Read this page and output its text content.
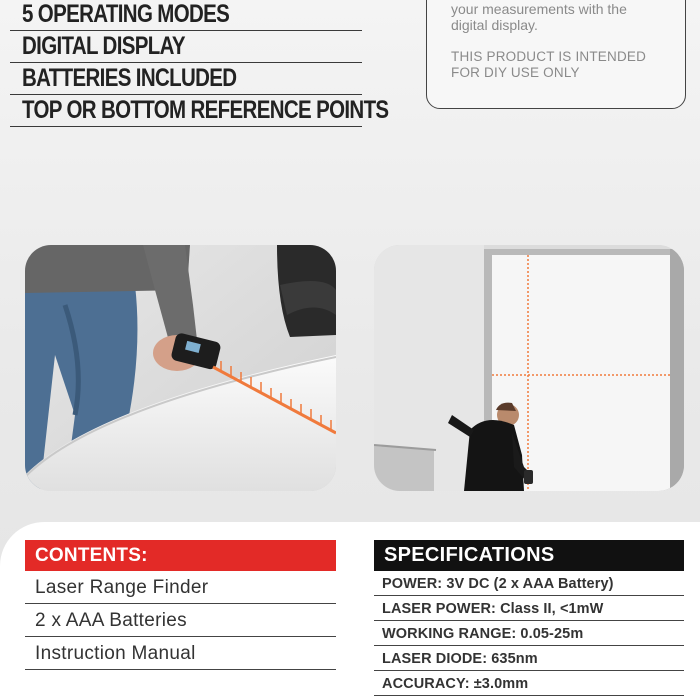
5 OPERATING MODES
DIGITAL DISPLAY
BATTERIES INCLUDED
TOP OR BOTTOM REFERENCE POINTS
your measurements with the
digital display.
THIS PRODUCT IS INTENDED
FOR DIY USE ONLY
CONTENTS:
Laser Range Finder
2 x AAA Batteries
Instruction Manual
SPECIFICATIONS
POWER: 3V DC (2 x AAA Battery)
LASER POWER: Class II, <1mW
WORKING RANGE: 0.05-25m
LASER DIODE: 635nm
ACCURACY: ±3.0mm
